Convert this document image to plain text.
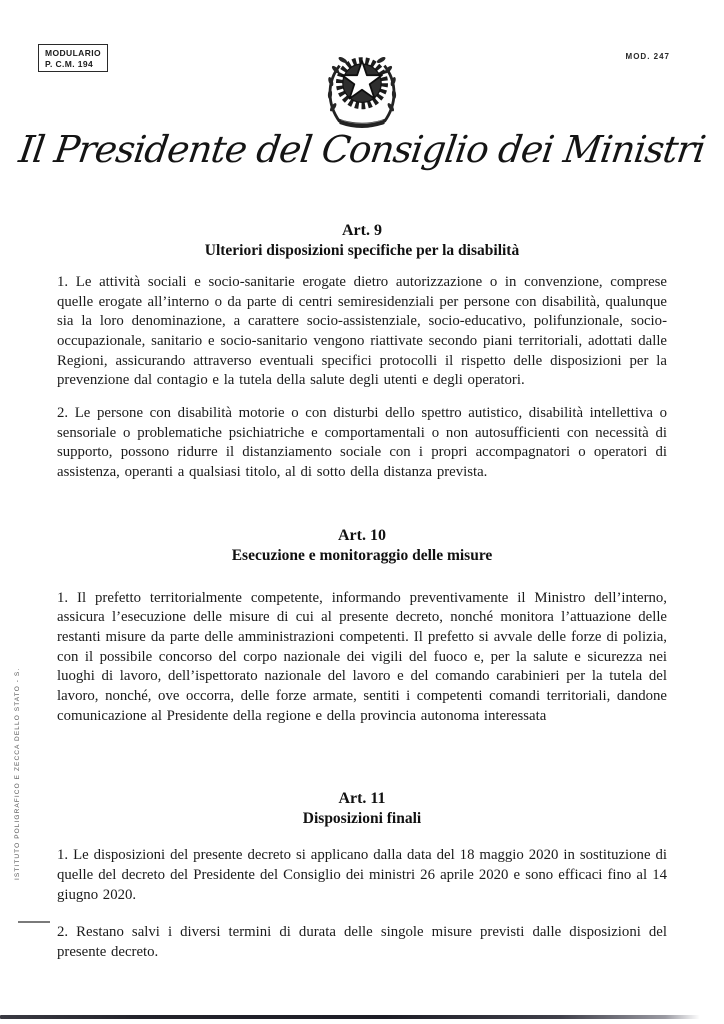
MODULARIO
P. C.M. 194
MOD. 247
Il Presidente del Consiglio dei Ministri

Art. 9

Ulteriori disposizioni specifiche per la disabilità

1. Le attività sociali e socio-sanitarie erogate dietro autorizzazione o in convenzione, comprese quelle erogate all’interno o da parte di centri semiresidenziali per persone con disabilità, qualunque sia la loro denominazione, a carattere socio-assistenziale, socio-educativo, polifunzionale, socio-occupazionale, sanitario e socio-sanitario vengono riattivate secondo piani territoriali, adottati dalle Regioni, assicurando attraverso eventuali specifici protocolli il rispetto delle disposizioni per la prevenzione dal contagio e la tutela della salute degli utenti e degli operatori.

2. Le persone con disabilità motorie o con disturbi dello spettro autistico, disabilità intellettiva o sensoriale o problematiche psichiatriche e comportamentali o non autosufficienti con necessità di supporto, possono ridurre il distanziamento sociale con i propri accompagnatori o operatori di assistenza, operanti a qualsiasi titolo, al di sotto della distanza prevista.

Art. 10

Esecuzione e monitoraggio delle misure

1. Il prefetto territorialmente competente, informando preventivamente il Ministro dell’interno, assicura l’esecuzione delle misure di cui al presente decreto, nonché monitora l’attuazione delle restanti misure da parte delle amministrazioni competenti. Il prefetto si avvale delle forze di polizia, con il possibile concorso del corpo nazionale dei vigili del fuoco e, per la salute e sicurezza nei luoghi di lavoro, dell’ispettorato nazionale del lavoro e del comando carabinieri per la tutela del lavoro, nonché, ove occorra, delle forze armate, sentiti i competenti comandi territoriali, dandone comunicazione al Presidente della regione e della provincia autonoma interessata

Art. 11

Disposizioni finali

1. Le disposizioni del presente decreto si applicano dalla data del 18 maggio 2020 in sostituzione di quelle del decreto del Presidente del Consiglio dei ministri 26 aprile 2020 e sono efficaci fino al 14 giugno 2020.

2. Restano salvi i diversi termini di durata delle singole misure previsti dalle disposizioni del presente decreto.

ISTITUTO POLIGRAFICO E ZECCA DELLO STATO - S.
